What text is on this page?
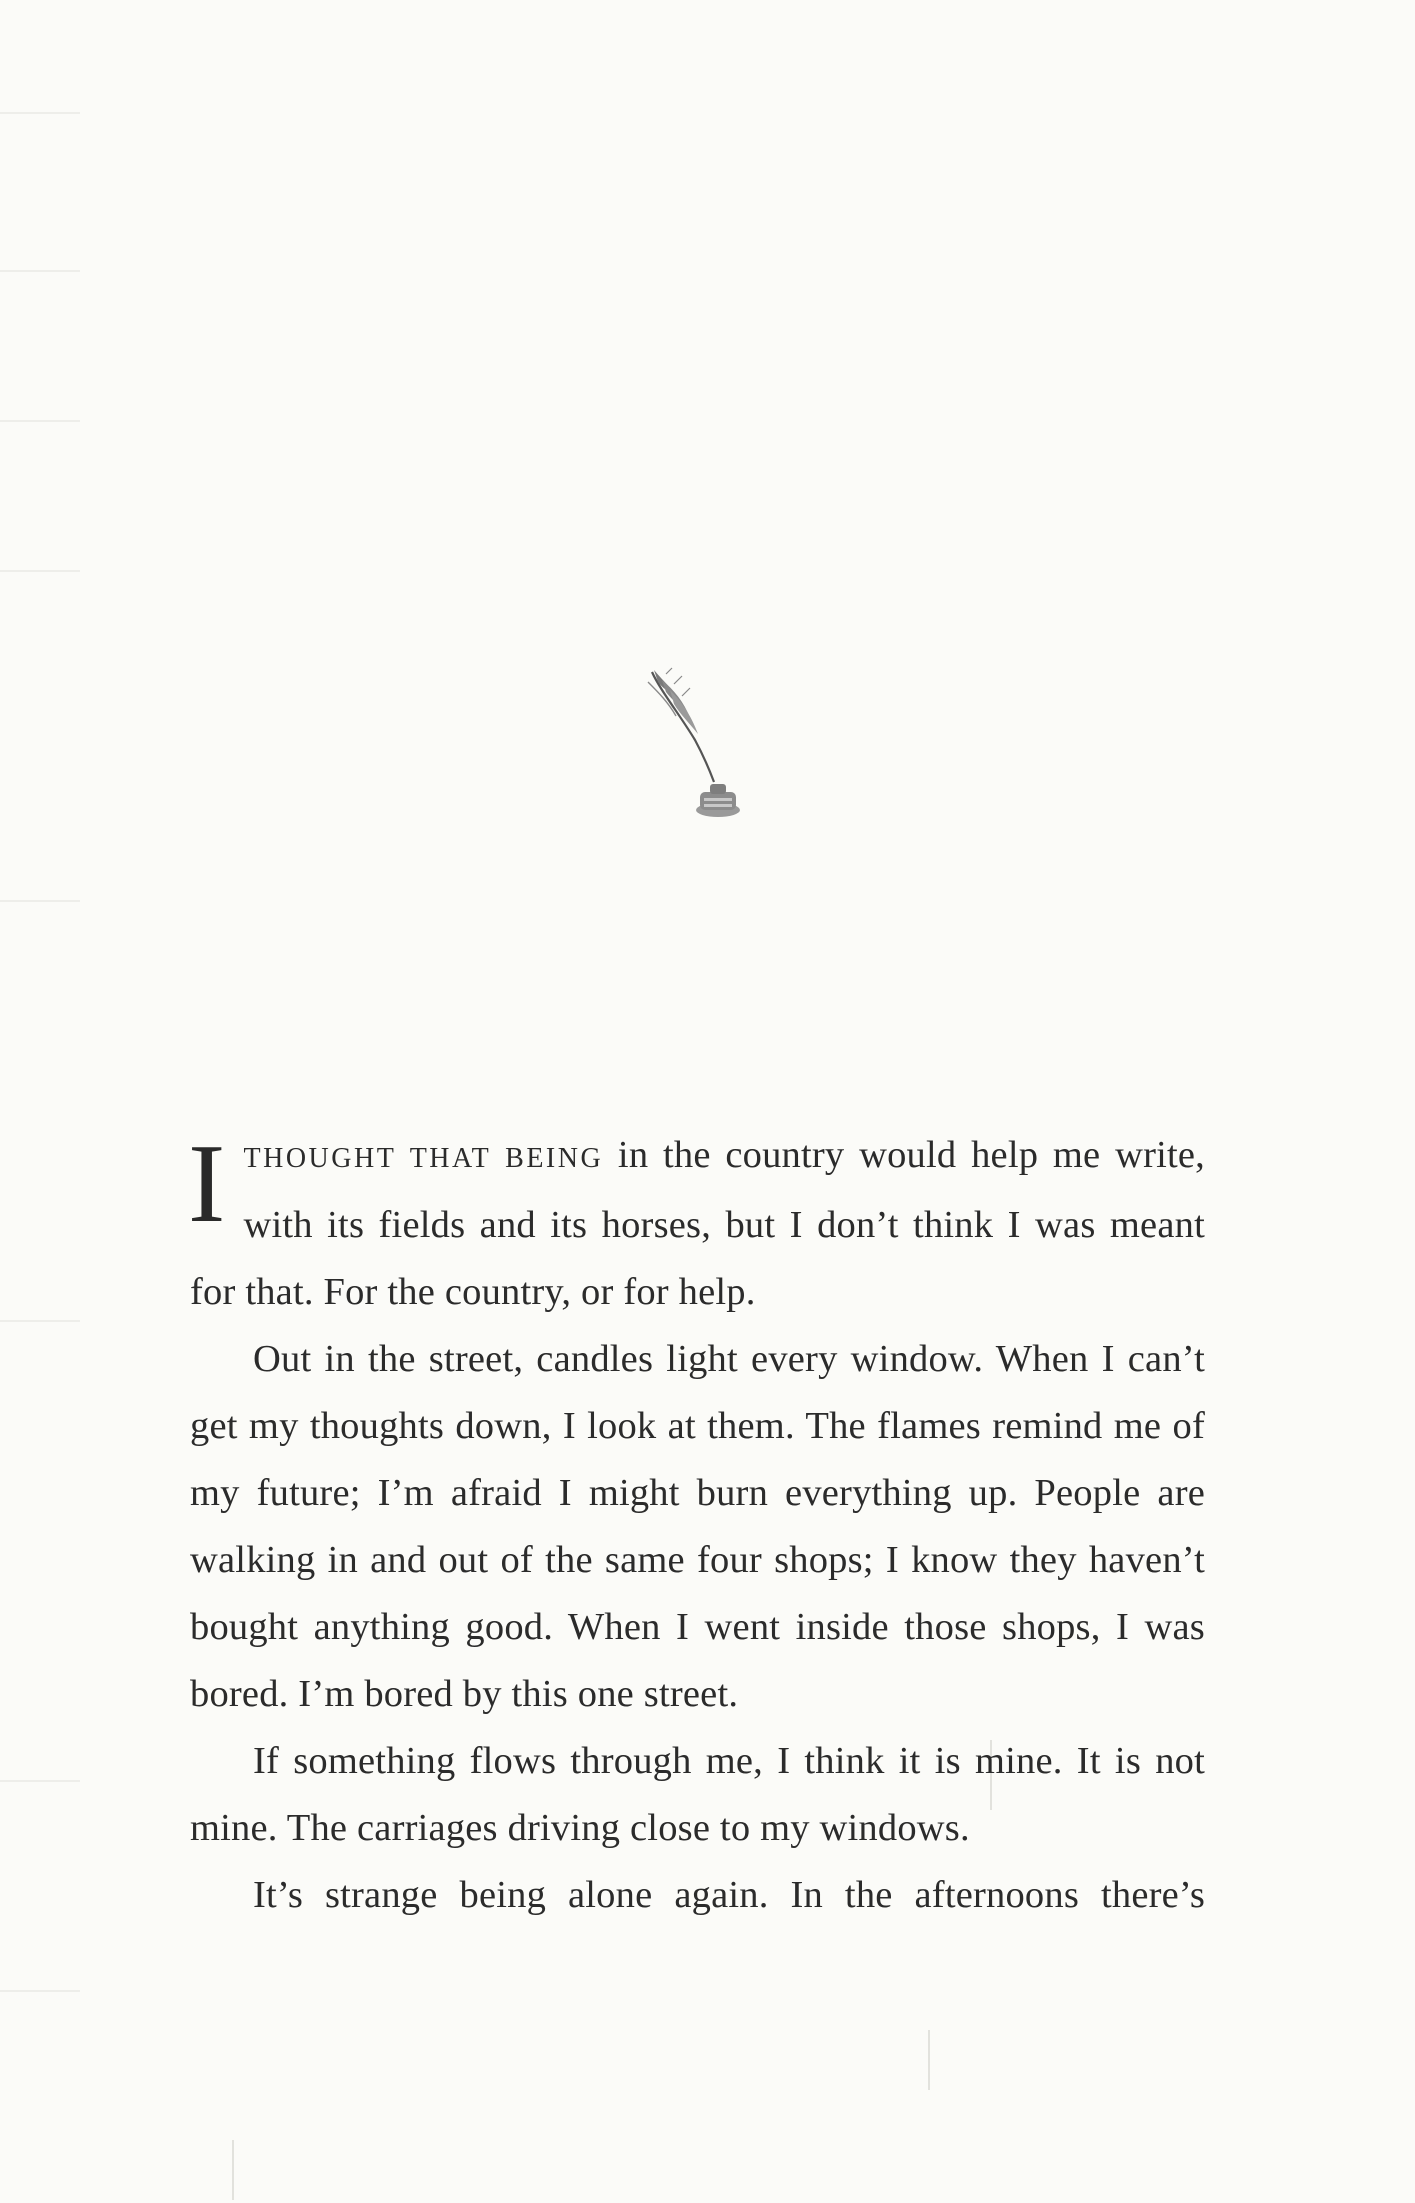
ITHOUGHT THAT BEING in the country would help me write, with its fields and its horses, but I don’t think I was meant for that. For the country, or for help.

Out in the street, candles light every window. When I can’t get my thoughts down, I look at them. The flames remind me of my future; I’m afraid I might burn everything up. People are walking in and out of the same four shops; I know they haven’t bought anything good. When I went inside those shops, I was bored. I’m bored by this one street.

If something flows through me, I think it is mine. It is not mine. The carriages driving close to my windows.

It’s strange being alone again. In the afternoons there’s
